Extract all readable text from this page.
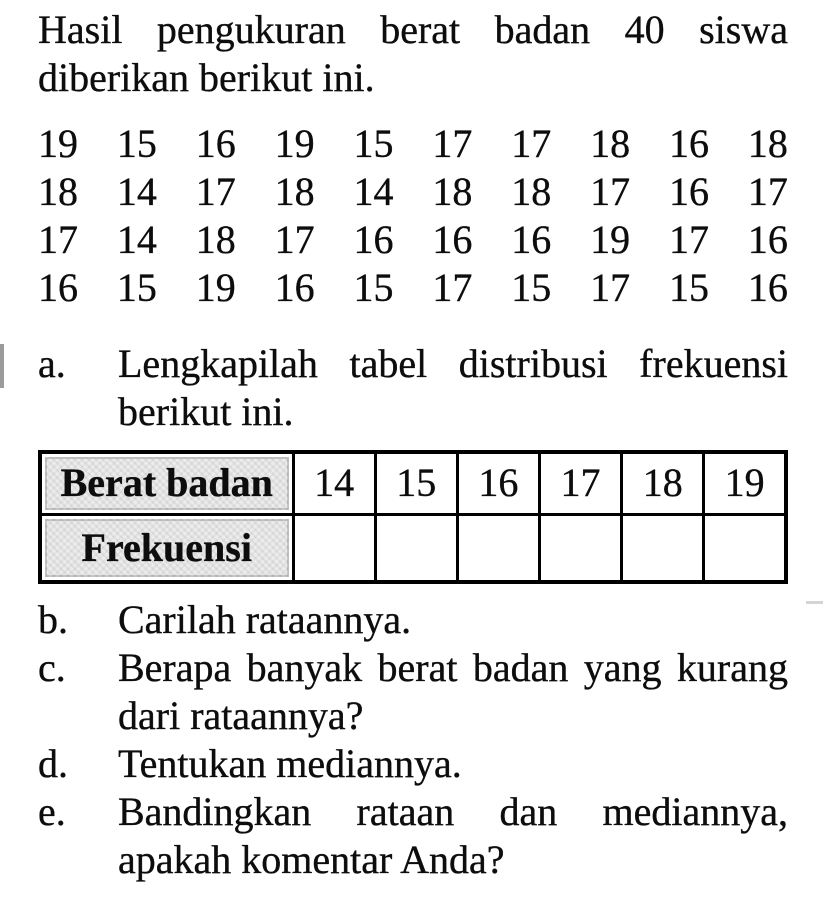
Hasil pengukuran berat badan 40 siswa
diberikan berikut ini.
19 15 16 19 15 17 17 18 16 18
18 14 17 18 14 18 18 17 16 17
17 14 18 17 16 16 16 19 17 16
16 15 19 16 15 17 15 17 15 16
a.	Lengkapilah tabel distribusi frekuensi
berikut ini.
Berat badan	14	15	16	17	18	19
Frekuensi						
b.	Carilah rataannya.
c.	Berapa banyak berat badan yang kurang
dari rataannya?
d.	Tentukan mediannya.
e.	Bandingkan rataan dan mediannya,
apakah komentar Anda?
